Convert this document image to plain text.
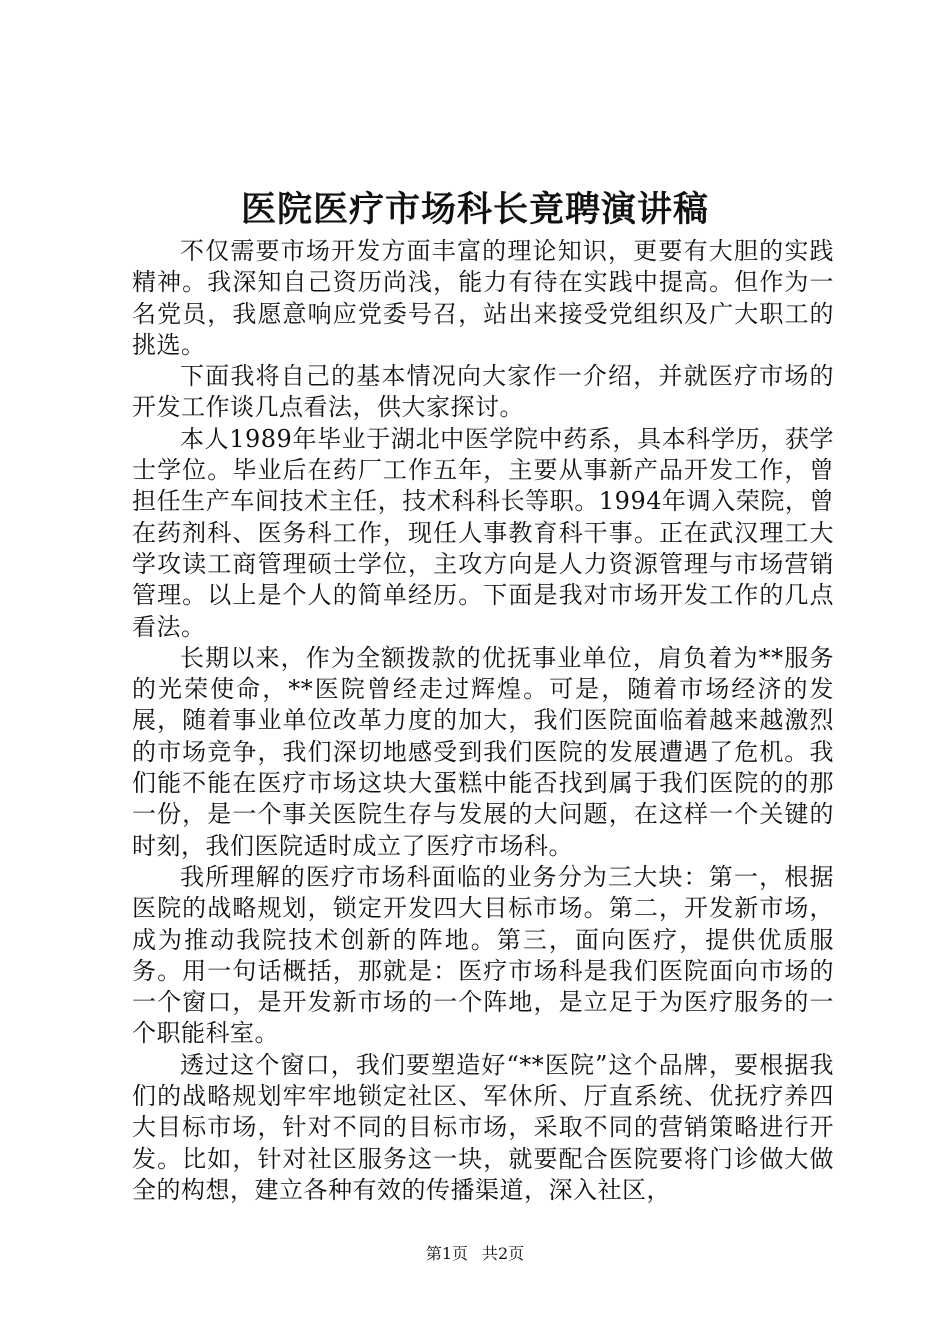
医院医疗市场科长竟聘演讲稿

不仅需要市场开发方面丰富的理论知识，更要有大胆的实践精神。我深知自己资历尚浅，能力有待在实践中提高。但作为一名党员，我愿意响应党委号召，站出来接受党组织及广大职工的挑选。

下面我将自己的基本情况向大家作一介绍，并就医疗市场的开发工作谈几点看法，供大家探讨。

本人1989年毕业于湖北中医学院中药系，具本科学历，获学士学位。毕业后在药厂工作五年，主要从事新产品开发工作，曾担任生产车间技术主任，技术科科长等职。1994年调入荣院，曾在药剂科、医务科工作，现任人事教育科干事。正在武汉理工大学攻读工商管理硕士学位，主攻方向是人力资源管理与市场营销管理。以上是个人的简单经历。下面是我对市场开发工作的几点看法。

长期以来，作为全额拨款的优抚事业单位，肩负着为**服务的光荣使命，**医院曾经走过辉煌。可是，随着市场经济的发展，随着事业单位改革力度的加大，我们医院面临着越来越激烈的市场竞争，我们深切地感受到我们医院的发展遭遇了危机。我们能不能在医疗市场这块大蛋糕中能否找到属于我们医院的的那一份，是一个事关医院生存与发展的大问题，在这样一个关键的时刻，我们医院适时成立了医疗市场科。

我所理解的医疗市场科面临的业务分为三大块：第一，根据医院的战略规划，锁定开发四大目标市场。第二，开发新市场，成为推动我院技术创新的阵地。第三，面向医疗，提供优质服务。用一句话概括，那就是：医疗市场科是我们医院面向市场的一个窗口，是开发新市场的一个阵地，是立足于为医疗服务的一个职能科室。

透过这个窗口，我们要塑造好“**医院”这个品牌，要根据我们的战略规划牢牢地锁定社区、军休所、厅直系统、优抚疗养四大目标市场，针对不同的目标市场，采取不同的营销策略进行开发。比如，针对社区服务这一块，就要配合医院要将门诊做大做全的构想，建立各种有效的传播渠道，深入社区，

第1页 共2页
